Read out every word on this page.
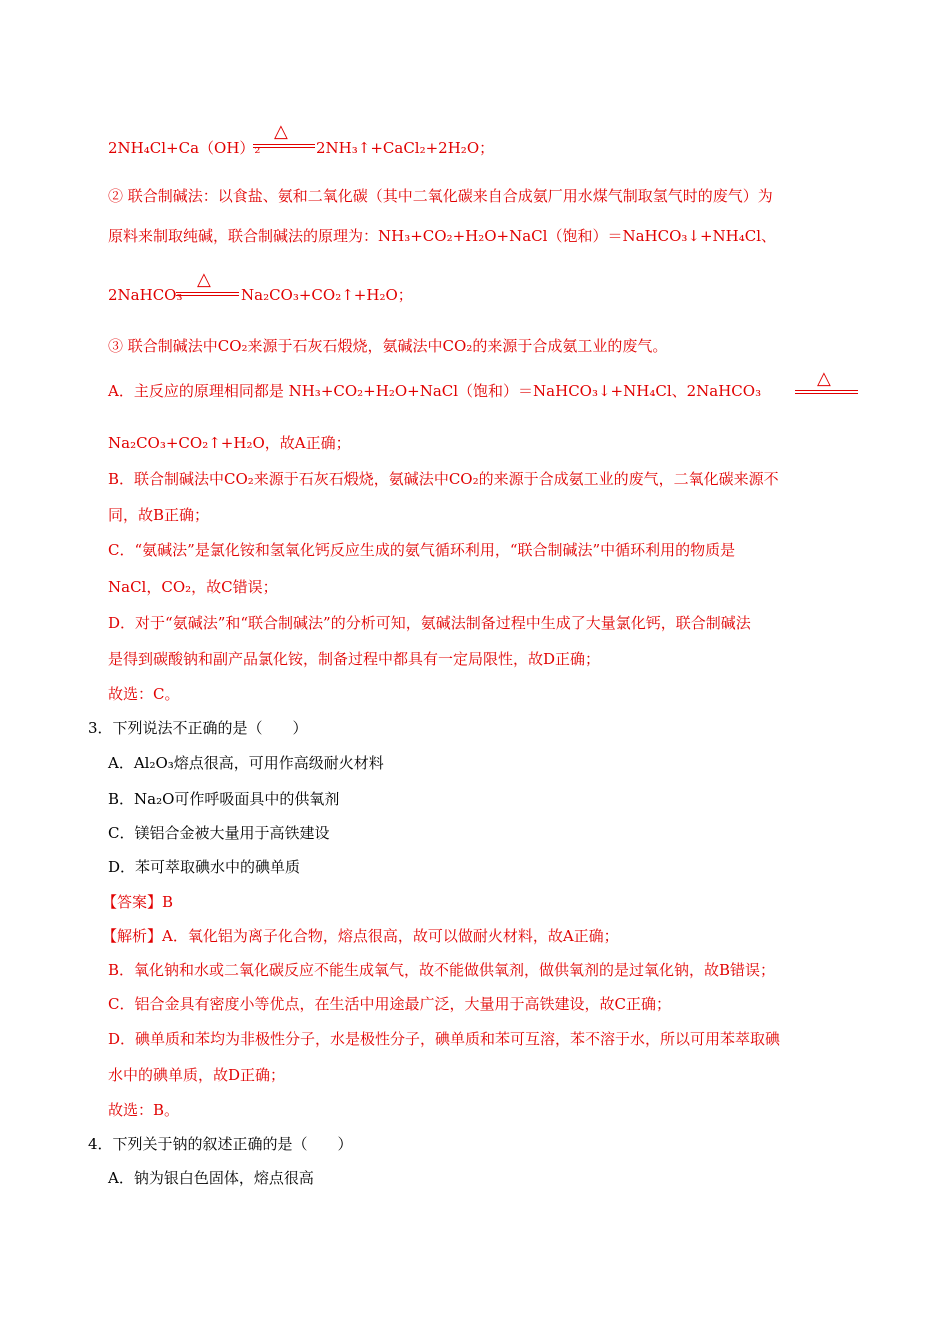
2NH₄Cl+Ca（OH）₂
△
2NH₃↑+CaCl₂+2H₂O；
② 联合制碱法：以食盐、氨和二氧化碳（其中二氧化碳来自合成氨厂用水煤气制取氢气时的废气）为
原料来制取纯碱，联合制碱法的原理为：NH₃+CO₂+H₂O+NaCl（饱和）＝NaHCO₃↓+NH₄Cl、
2NaHCO₃
△
Na₂CO₃+CO₂↑+H₂O；
③ 联合制碱法中CO₂来源于石灰石煅烧，氨碱法中CO₂的来源于合成氨工业的废气。
A．主反应的原理相同都是 NH₃+CO₂+H₂O+NaCl（饱和）＝NaHCO₃↓+NH₄Cl、2NaHCO₃
△
Na₂CO₃+CO₂↑+H₂O，故A正确；
B．联合制碱法中CO₂来源于石灰石煅烧，氨碱法中CO₂的来源于合成氨工业的废气，二氧化碳来源不
同，故B正确；
C．“氨碱法”是氯化铵和氢氧化钙反应生成的氨气循环利用，“联合制碱法”中循环利用的物质是
NaCl，CO₂，故C错误；
D．对于“氨碱法”和“联合制碱法”的分析可知，氨碱法制备过程中生成了大量氯化钙，联合制碱法
是得到碳酸钠和副产品氯化铵，制备过程中都具有一定局限性，故D正确；
故选：C。
3．下列说法不正确的是（　　）
A．Al₂O₃熔点很高，可用作高级耐火材料
B．Na₂O可作呼吸面具中的供氧剂
C．镁铝合金被大量用于高铁建设
D．苯可萃取碘水中的碘单质
【答案】B
【解析】A．氧化铝为离子化合物，熔点很高，故可以做耐火材料，故A正确；
B．氧化钠和水或二氧化碳反应不能生成氧气，故不能做供氧剂，做供氧剂的是过氧化钠，故B错误；
C．铝合金具有密度小等优点，在生活中用途最广泛，大量用于高铁建设，故C正确；
D．碘单质和苯均为非极性分子，水是极性分子，碘单质和苯可互溶，苯不溶于水，所以可用苯萃取碘
水中的碘单质，故D正确；
故选：B。
4．下列关于钠的叙述正确的是（　　）
A．钠为银白色固体，熔点很高
